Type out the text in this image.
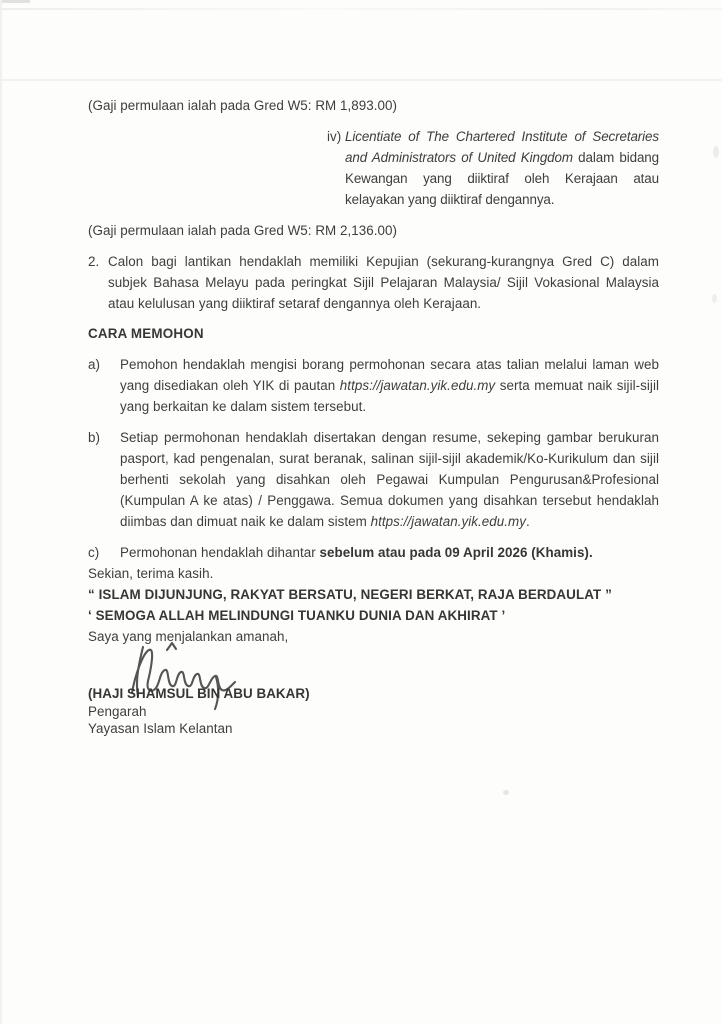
(Gaji permulaan ialah pada Gred W5: RM 1,893.00)

iv) Licentiate of The Chartered Institute of Secretaries and Administrators of United Kingdom dalam bidang Kewangan yang diiktiraf oleh Kerajaan atau kelayakan yang diiktiraf dengannya.

(Gaji permulaan ialah pada Gred W5: RM 2,136.00)

2. Calon bagi lantikan hendaklah memiliki Kepujian (sekurang-kurangnya Gred C) dalam subjek Bahasa Melayu pada peringkat Sijil Pelajaran Malaysia/ Sijil Vokasional Malaysia atau kelulusan yang diiktiraf setaraf dengannya oleh Kerajaan.

CARA MEMOHON
a)	Pemohon hendaklah mengisi borang permohonan secara atas talian melalui laman web yang disediakan oleh YIK di pautan https://jawatan.yik.edu.my serta memuat naik sijil-sijil yang berkaitan ke dalam sistem tersebut.

b)	Setiap permohonan hendaklah disertakan dengan resume, sekeping gambar berukuran pasport, kad pengenalan, surat beranak, salinan sijil-sijil akademik/Ko-Kurikulum dan sijil berhenti sekolah yang disahkan oleh Pegawai Kumpulan Pengurusan&Profesional (Kumpulan A ke atas) / Penggawa. Semua dokumen yang disahkan tersebut hendaklah diimbas dan dimuat naik ke dalam sistem https://jawatan.yik.edu.my.

c)	Permohonan hendaklah dihantar sebelum atau pada 09 April 2026 (Khamis).

Sekian, terima kasih.

“ ISLAM DIJUNJUNG, RAKYAT BERSATU, NEGERI BERKAT, RAJA BERDAULAT ”

‘ SEMOGA ALLAH MELINDUNGI TUANKU DUNIA DAN AKHIRAT ’

Saya yang menjalankan amanah,

(HAJI SHAMSUL BIN ABU BAKAR)

Pengarah

Yayasan Islam Kelantan
